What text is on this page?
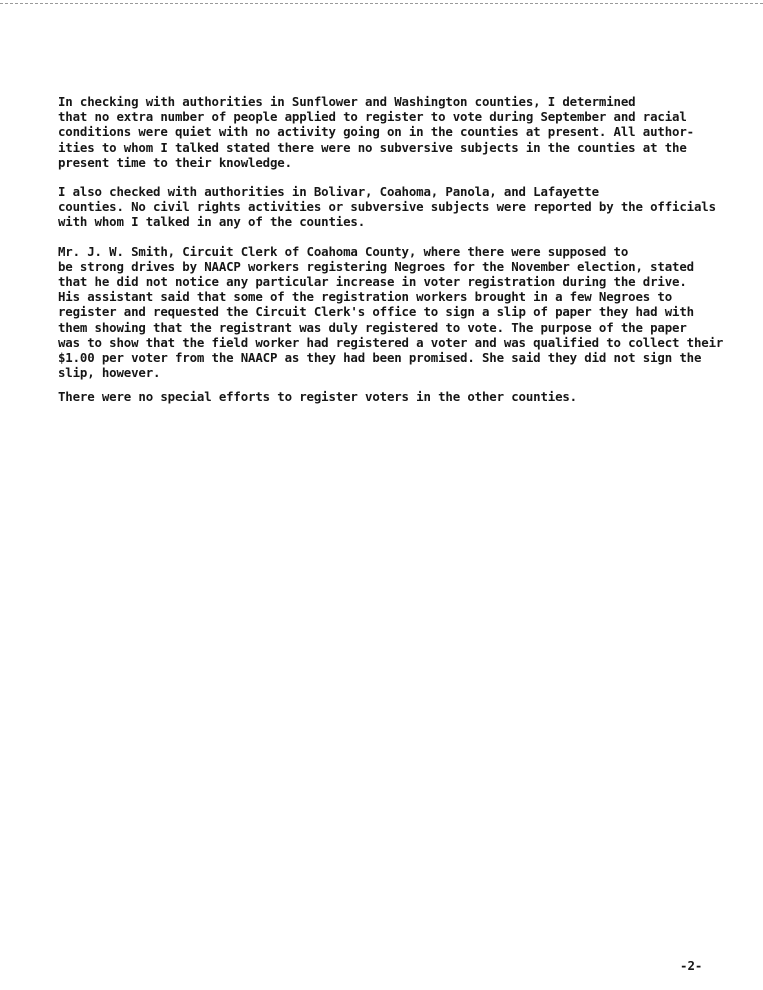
In checking with authorities in Sunflower and Washington counties, I determined
that no extra number of people applied to register to vote during September and racial
conditions were quiet with no activity going on in the counties at present. All author-
ities to whom I talked stated there were no subversive subjects in the counties at the
present time to their knowledge.

I also checked with authorities in Bolivar, Coahoma, Panola, and Lafayette
counties. No civil rights activities or subversive subjects were reported by the officials
with whom I talked in any of the counties.

Mr. J. W. Smith, Circuit Clerk of Coahoma County, where there were supposed to
be strong drives by NAACP workers registering Negroes for the November election, stated
that he did not notice any particular increase in voter registration during the drive.
His assistant said that some of the registration workers brought in a few Negroes to
register and requested the Circuit Clerk's office to sign a slip of paper they had with
them showing that the registrant was duly registered to vote. The purpose of the paper
was to show that the field worker had registered a voter and was qualified to collect their
$1.00 per voter from the NAACP as they had been promised. She said they did not sign the
slip, however.

There were no special efforts to register voters in the other counties.

-2-
